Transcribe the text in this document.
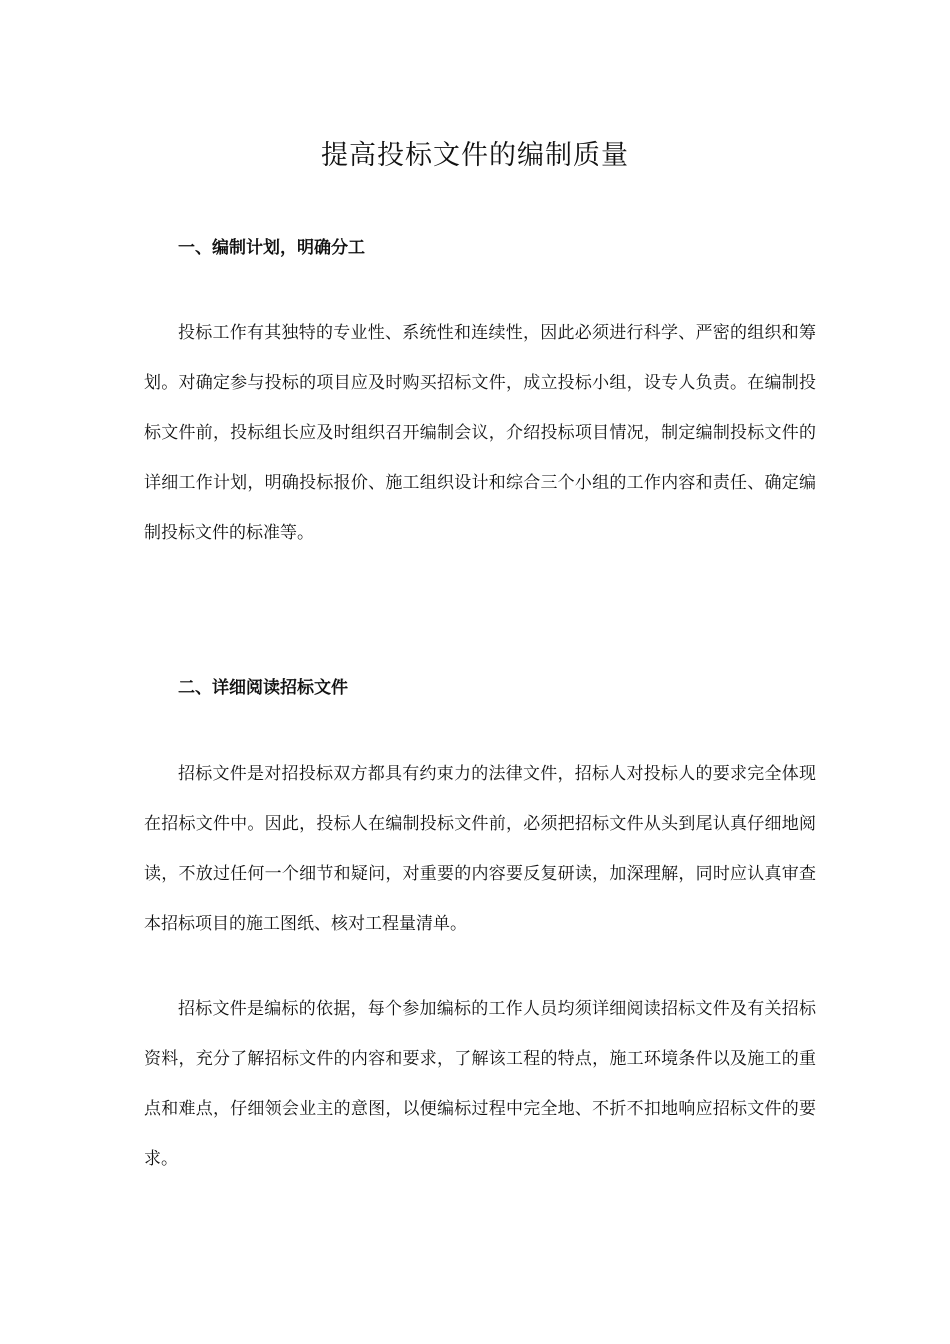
提高投标文件的编制质量
一、编制计划，明确分工

投标工作有其独特的专业性、系统性和连续性，因此必须进行科学、严密的组织和筹划。对确定参与投标的项目应及时购买招标文件，成立投标小组，设专人负责。在编制投标文件前，投标组长应及时组织召开编制会议，介绍投标项目情况，制定编制投标文件的详细工作计划，明确投标报价、施工组织设计和综合三个小组的工作内容和责任、确定编制投标文件的标准等。

二、详细阅读招标文件

招标文件是对招投标双方都具有约束力的法律文件，招标人对投标人的要求完全体现在招标文件中。因此，投标人在编制投标文件前，必须把招标文件从头到尾认真仔细地阅读，不放过任何一个细节和疑问，对重要的内容要反复研读，加深理解，同时应认真审查本招标项目的施工图纸、核对工程量清单。

招标文件是编标的依据，每个参加编标的工作人员均须详细阅读招标文件及有关招标资料，充分了解招标文件的内容和要求，了解该工程的特点，施工环境条件以及施工的重点和难点，仔细领会业主的意图，以便编标过程中完全地、不折不扣地响应招标文件的要求。
